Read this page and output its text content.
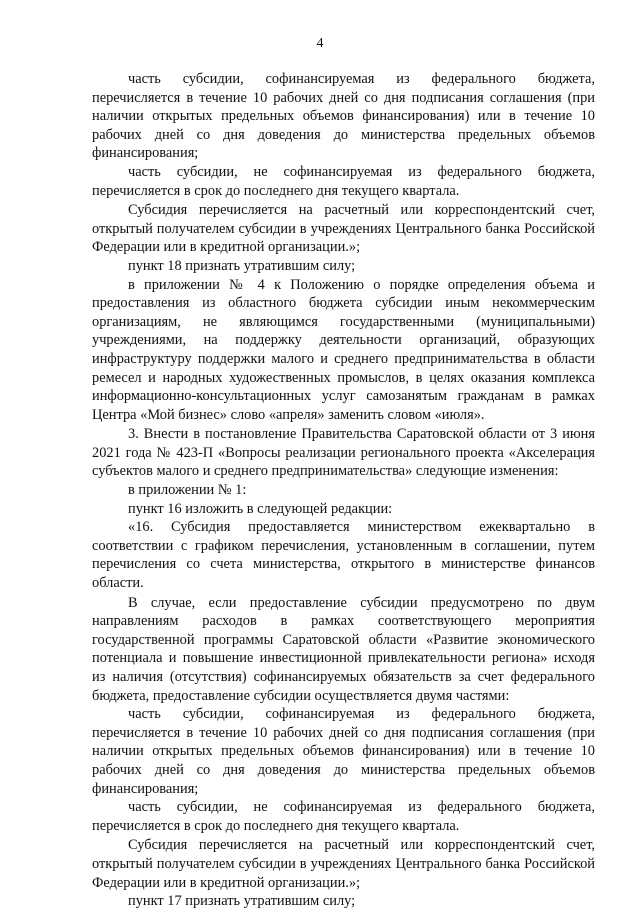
4

часть субсидии, софинансируемая из федерального бюджета, перечисляется в течение 10 рабочих дней со дня подписания соглашения (при наличии открытых предельных объемов финансирования) или в течение 10 рабочих дней со дня доведения до министерства предельных объемов финансирования;

часть субсидии, не софинансируемая из федерального бюджета, перечисляется в срок до последнего дня текущего квартала.

Субсидия перечисляется на расчетный или корреспондентский счет, открытый получателем субсидии в учреждениях Центрального банка Российской Федерации или в кредитной организации.»;

пункт 18 признать утратившим силу;

в приложении № 4 к Положению о порядке определения объема и предоставления из областного бюджета субсидии иным некоммерческим организациям, не являющимся государственными (муниципальными) учреждениями, на поддержку деятельности организаций, образующих инфраструктуру поддержки малого и среднего предпринимательства в области ремесел и народных художественных промыслов, в целях оказания комплекса информационно-консультационных услуг самозанятым гражданам в рамках Центра «Мой бизнес» слово «апреля» заменить словом «июля».

3. Внести в постановление Правительства Саратовской области от 3 июня 2021 года № 423-П «Вопросы реализации регионального проекта «Акселерация субъектов малого и среднего предпринимательства» следующие изменения:

в приложении № 1:

пункт 16 изложить в следующей редакции:

«16. Субсидия предоставляется министерством ежеквартально в соответствии с графиком перечисления, установленным в соглашении, путем перечисления со счета министерства, открытого в министерстве финансов области.

В случае, если предоставление субсидии предусмотрено по двум направлениям расходов в рамках соответствующего мероприятия государственной программы Саратовской области «Развитие экономического потенциала и повышение инвестиционной привлекательности региона» исходя из наличия (отсутствия) софинансируемых обязательств за счет федерального бюджета, предоставление субсидии осуществляется двумя частями:

часть субсидии, софинансируемая из федерального бюджета, перечисляется в течение 10 рабочих дней со дня подписания соглашения (при наличии открытых предельных объемов финансирования) или в течение 10 рабочих дней со дня доведения до министерства предельных объемов финансирования;

часть субсидии, не софинансируемая из федерального бюджета, перечисляется в срок до последнего дня текущего квартала.

Субсидия перечисляется на расчетный или корреспондентский счет, открытый получателем субсидии в учреждениях Центрального банка Российской Федерации или в кредитной организации.»;

пункт 17 признать утратившим силу;
